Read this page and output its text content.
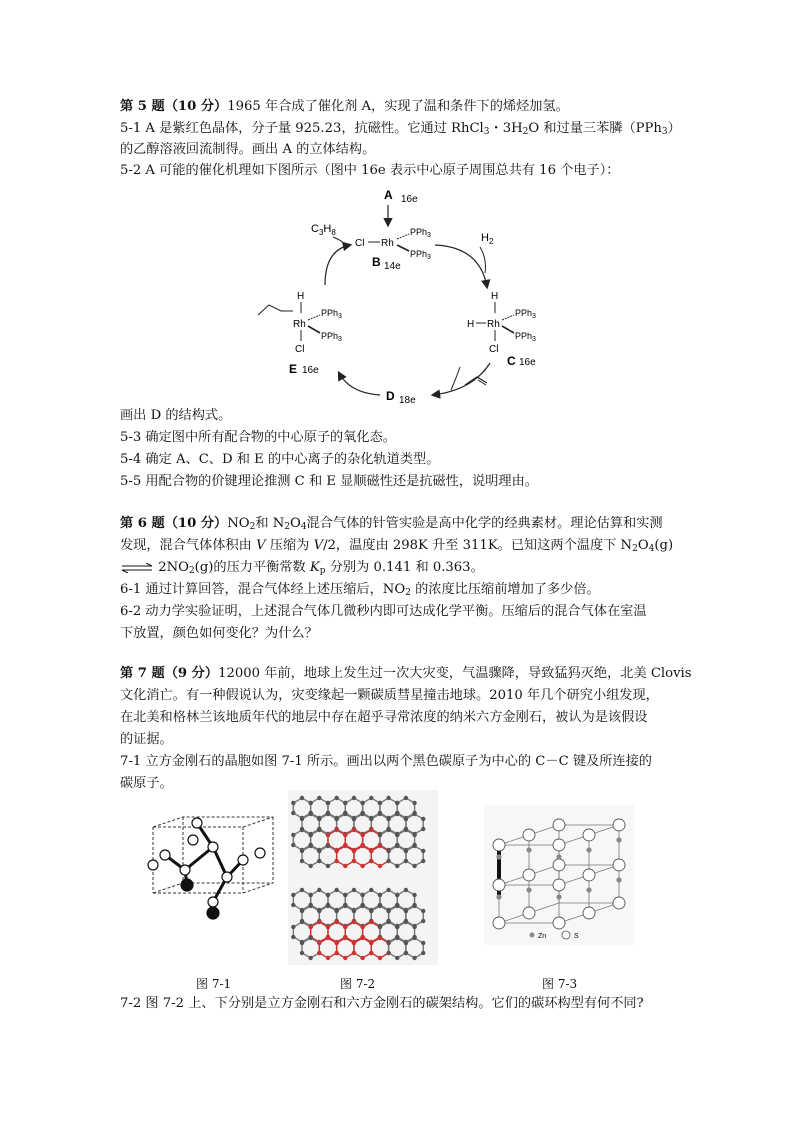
第 5 题（10 分）1965 年合成了催化剂 A，实现了温和条件下的烯烃加氢。
5-1 A 是紫红色晶体，分子量 925.23，抗磁性。它通过 RhCl$_3$・$3H_2O$ 和过量三苯膦（PPh$_3$）
的乙醇溶液回流制得。画出 A 的立体结构。
5-2 A 可能的催化机理如下图所示（图中 16e 表示中心原子周围总共有 16 个电子）：
A 16e
Cl Rh
PPh$_3$
PPh$_3$
B 14e
$C_3H_8$	$H_2$
H
H Rh
PPh$_3$
PPh$_3$
Cl
C 16e
D 18e
H
Rh
PPh$_3$
PPh$_3$
Cl
E 16e
画出 D 的结构式。
5-3 确定图中所有配合物的中心原子的氧化态。
5-4 确定 A、C、D 和 E 的中心离子的杂化轨道类型。
5-5 用配合物的价键理论推测 C 和 E 显顺磁性还是抗磁性，说明理由。
第 6 题（10 分）$NO_2$和 $N_2O_4$混合气体的针管实验是高中化学的经典素材。理论估算和实测
发现，混合气体体积由 V 压缩为 V/2，温度由 298K 升至 311K。已知这两个温度下 $N_2O_4(g)$
⇌ $2NO_2(g)$的压力平衡常数 $K_p$ 分别为 0.141 和 0.363。
6-1 通过计算回答，混合气体经上述压缩后，$NO_2$ 的浓度比压缩前增加了多少倍。
6-2 动力学实验证明，上述混合气体几微秒内即可达成化学平衡。压缩后的混合气体在室温
下放置，颜色如何变化？为什么？
第 7 题（9 分）12000 年前，地球上发生过一次大灾变，气温骤降，导致猛犸灭绝，北美 Clovis
文化消亡。有一种假说认为，灾变缘起一颗碳质彗星撞击地球。2010 年几个研究小组发现，
在北美和格林兰该地质年代的地层中存在超乎寻常浓度的纳米六方金刚石，被认为是该假设
的证据。
7-1 立方金刚石的晶胞如图 7-1 所示。画出以两个黑色碳原子为中心的 C－C 键及所连接的
碳原子。
Zn	S
图 7-1	图 7-2	图 7-3
7-2 图 7-2 上、下分别是立方金刚石和六方金刚石的碳架结构。它们的碳环构型有何不同?
